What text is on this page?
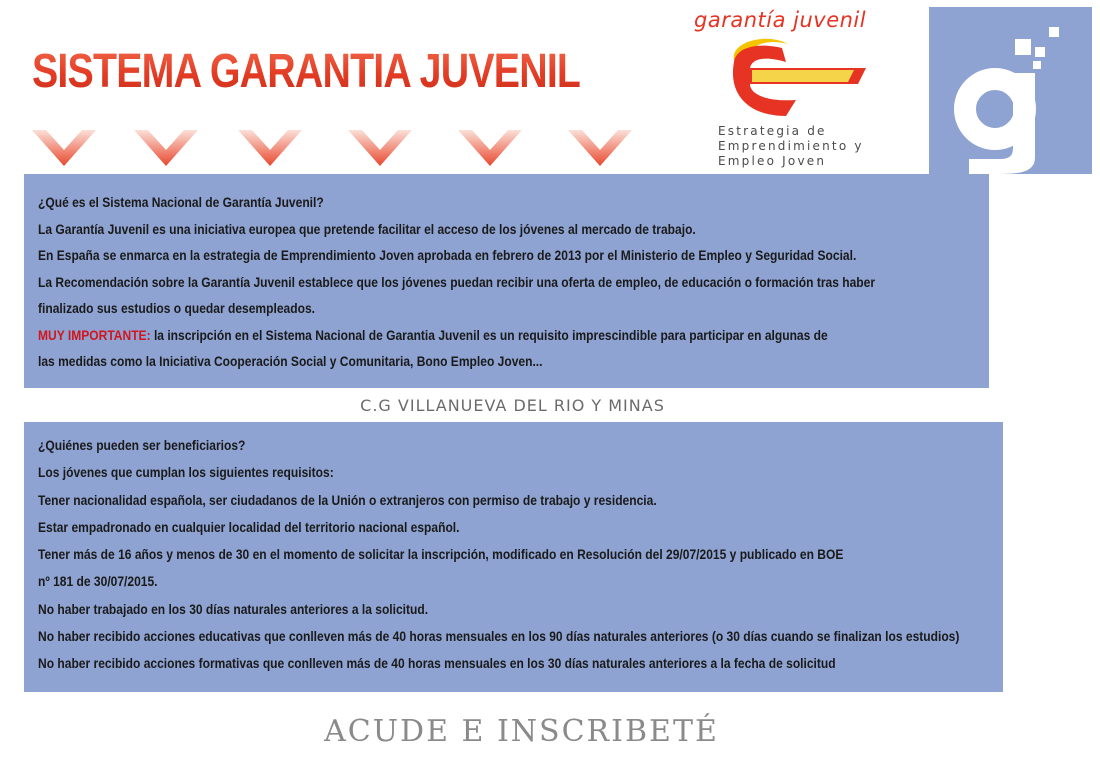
SISTEMA GARANTIA JUVENIL
garantía juvenil
Estrategia de
Emprendimiento y
Empleo Joven

¿Qué es el Sistema Nacional de Garantía Juvenil?

La Garantía Juvenil es una iniciativa europea que pretende facilitar el acceso de los jóvenes al mercado de trabajo.

En España se enmarca en la estrategia de Emprendimiento Joven aprobada en febrero de 2013 por el Ministerio de Empleo y Seguridad Social.

La Recomendación sobre la Garantía Juvenil establece que los jóvenes puedan recibir una oferta de empleo, de educación o formación tras haber

finalizado sus estudios o quedar desempleados.

MUY IMPORTANTE: la inscripción en el Sistema Nacional de Garantia Juvenil es un requisito imprescindible para participar en algunas de

las medidas como la Iniciativa Cooperación Social y Comunitaria, Bono Empleo Joven...

C.G VILLANUEVA DEL RIO Y MINAS

¿Quiénes pueden ser beneficiarios?

Los jóvenes que cumplan los siguientes requisitos:

Tener nacionalidad española, ser ciudadanos de la Unión o extranjeros con permiso de trabajo y residencia.

Estar empadronado en cualquier localidad del territorio nacional español.

Tener más de 16 años y menos de 30 en el momento de solicitar la inscripción, modificado en Resolución del 29/07/2015 y publicado en BOE

nº 181 de 30/07/2015.

No haber trabajado en los 30 días naturales anteriores a la solicitud.

No haber recibido acciones educativas que conlleven más de 40 horas mensuales en los 90 días naturales anteriores (o 30 días cuando se finalizan los estudios)

No haber recibido acciones formativas que conlleven más de 40 horas mensuales en los 30 días naturales anteriores a la fecha de solicitud

ACUDE E INSCRIBETÉ
